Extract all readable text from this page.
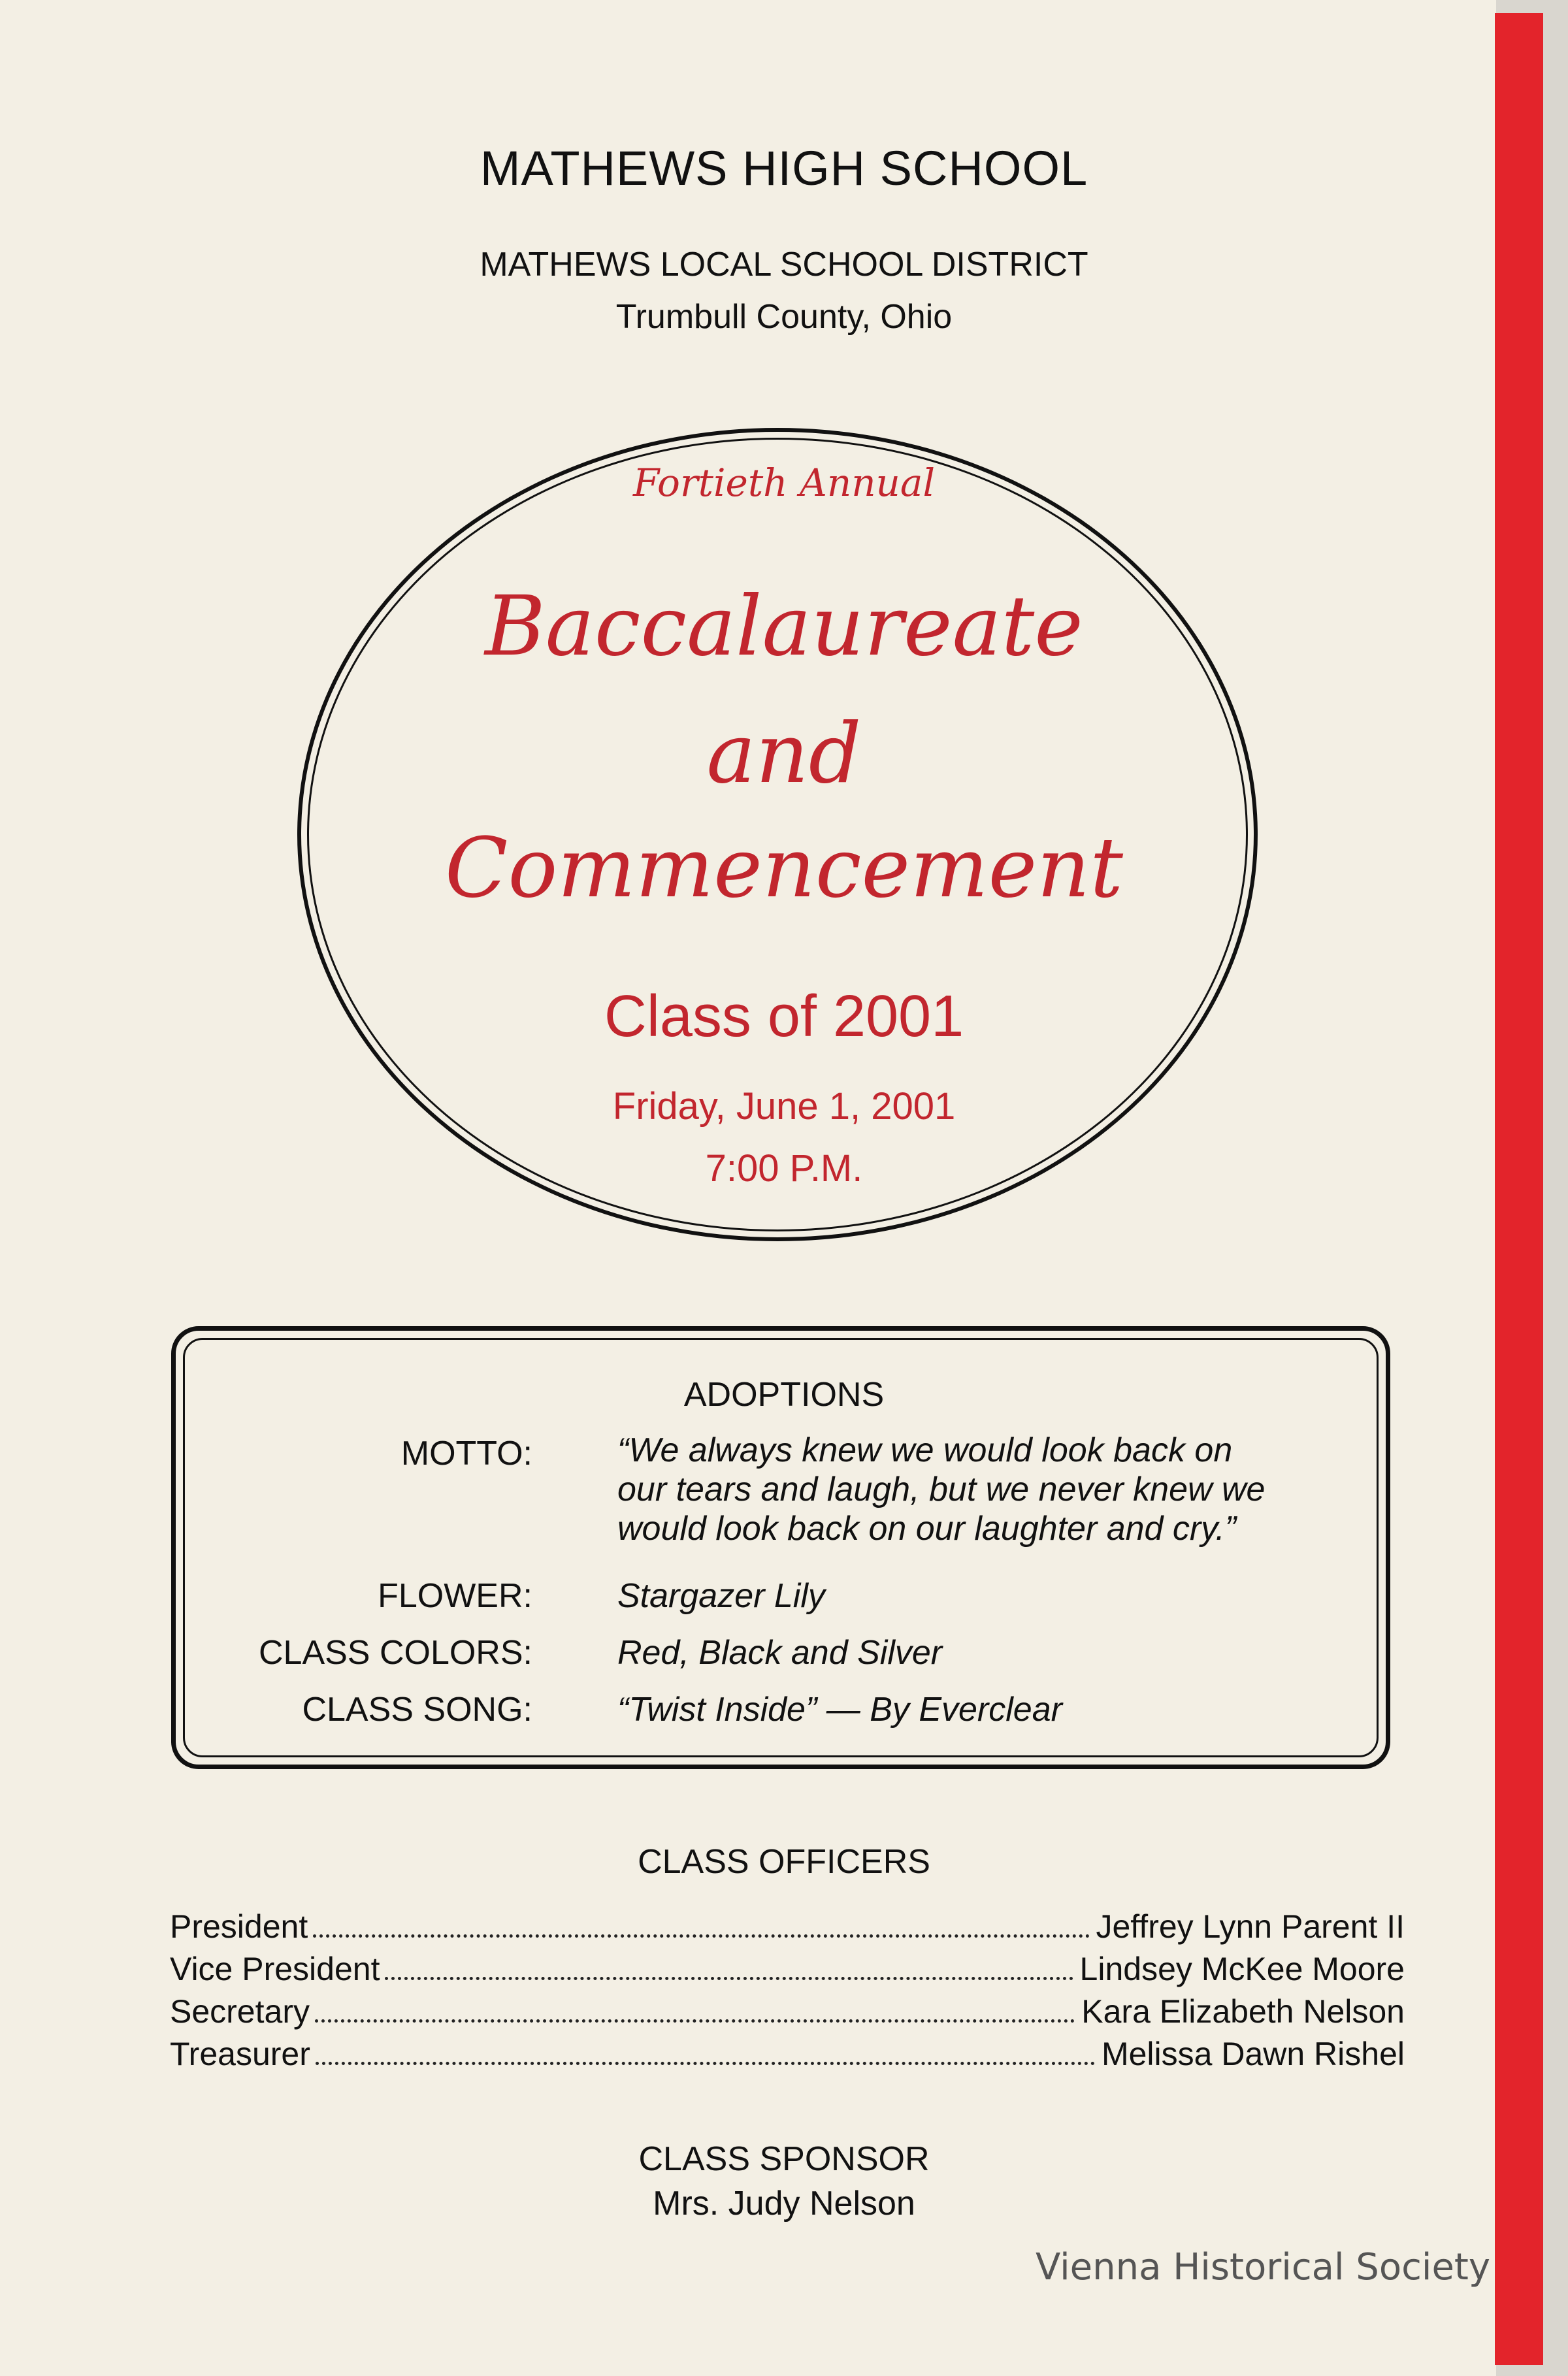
MATHEWS HIGH SCHOOL
MATHEWS LOCAL SCHOOL DISTRICT
Trumbull County, Ohio
Fortieth Annual
Baccalaureate
and
Commencement
Class of 2001
Friday, June 1, 2001
7:00 P.M.
ADOPTIONS
MOTTO:	“We always knew we would look back on
our tears and laugh, but we never knew we
would look back on our laughter and cry.”
FLOWER:	Stargazer Lily
CLASS COLORS:	Red, Black and Silver
CLASS SONG:	“Twist Inside” — By Everclear
CLASS OFFICERS
President	Jeffrey Lynn Parent II
Vice President	Lindsey McKee Moore
Secretary	Kara Elizabeth Nelson
Treasurer	Melissa Dawn Rishel
CLASS SPONSOR
Mrs. Judy Nelson
Vienna Historical Society
